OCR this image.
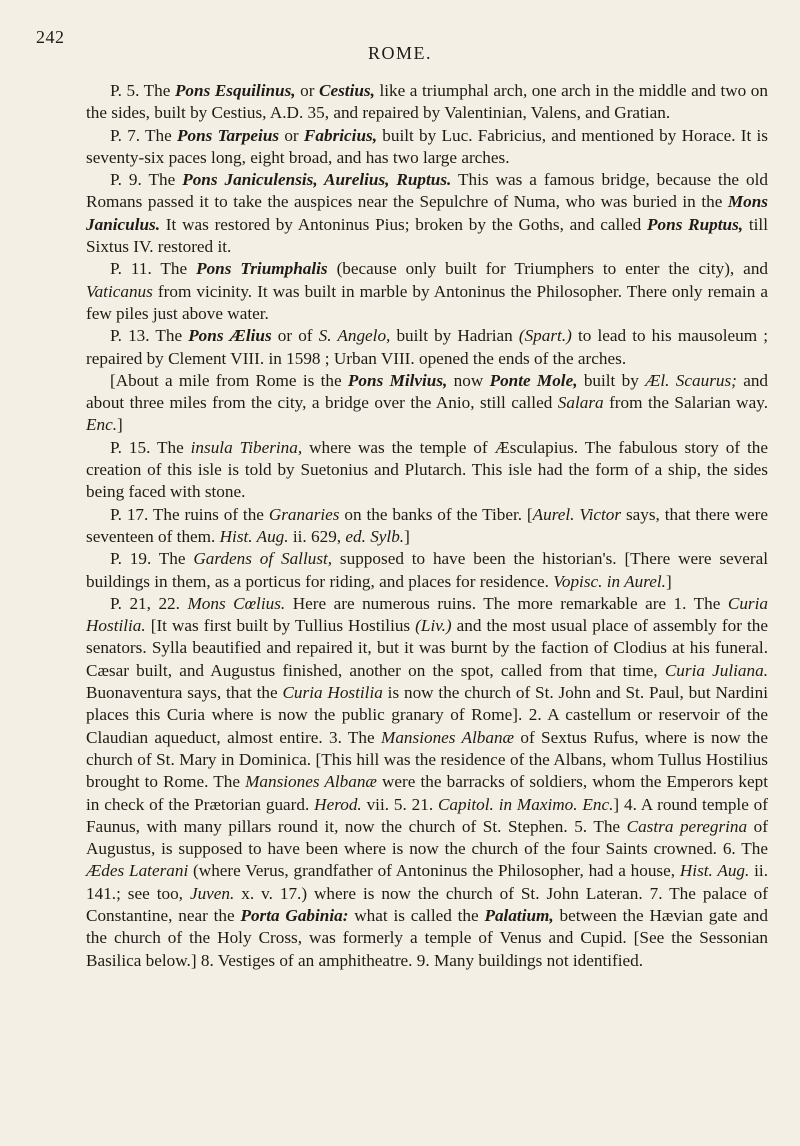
242
ROME.

P. 5. The Pons Esquilinus, or Cestius, like a triumphal arch, one arch in the middle and two on the sides, built by Cestius, A.D. 35, and repaired by Valentinian, Valens, and Gratian.

P. 7. The Pons Tarpeius or Fabricius, built by Luc. Fabricius, and mentioned by Horace. It is seventy-six paces long, eight broad, and has two large arches.

P. 9. The Pons Janiculensis, Aurelius, Ruptus. This was a famous bridge, because the old Romans passed it to take the auspices near the Sepulchre of Numa, who was buried in the Mons Janiculus. It was restored by Antoninus Pius; broken by the Goths, and called Pons Ruptus, till Sixtus IV. restored it.

P. 11. The Pons Triumphalis (because only built for Triumphers to enter the city), and Vaticanus from vicinity. It was built in marble by Antoninus the Philosopher. There only remain a few piles just above water.

P. 13. The Pons Ælius or of S. Angelo, built by Hadrian (Spart.) to lead to his mausoleum ; repaired by Clement VIII. in 1598 ; Urban VIII. opened the ends of the arches.

[About a mile from Rome is the Pons Milvius, now Ponte Mole, built by Æl. Scaurus; and about three miles from the city, a bridge over the Anio, still called Salara from the Salarian way. Enc.]

P. 15. The insula Tiberina, where was the temple of Æsculapius. The fabulous story of the creation of this isle is told by Suetonius and Plutarch. This isle had the form of a ship, the sides being faced with stone.

P. 17. The ruins of the Granaries on the banks of the Tiber. [Aurel. Victor says, that there were seventeen of them. Hist. Aug. ii. 629, ed. Sylb.]

P. 19. The Gardens of Sallust, supposed to have been the historian's. [There were several buildings in them, as a porticus for riding, and places for residence. Vopisc. in Aurel.]

P. 21, 22. Mons Cœlius. Here are numerous ruins. The more remarkable are 1. The Curia Hostilia. [It was first built by Tullius Hostilius (Liv.) and the most usual place of assembly for the senators. Sylla beautified and repaired it, but it was burnt by the faction of Clodius at his funeral. Cæsar built, and Augustus finished, another on the spot, called from that time, Curia Juliana. Buonaventura says, that the Curia Hostilia is now the church of St. John and St. Paul, but Nardini places this Curia where is now the public granary of Rome]. 2. A castellum or reservoir of the Claudian aqueduct, almost entire. 3. The Mansiones Albanæ of Sextus Rufus, where is now the church of St. Mary in Dominica. [This hill was the residence of the Albans, whom Tullus Hostilius brought to Rome. The Mansiones Albanæ were the barracks of soldiers, whom the Emperors kept in check of the Prætorian guard. Herod. vii. 5. 21. Capitol. in Maximo. Enc.] 4. A round temple of Faunus, with many pillars round it, now the church of St. Stephen. 5. The Castra peregrina of Augustus, is supposed to have been where is now the church of the four Saints crowned. 6. The Ædes Laterani (where Verus, grandfather of Antoninus the Philosopher, had a house, Hist. Aug. ii. 141.; see too, Juven. x. v. 17.) where is now the church of St. John Lateran. 7. The palace of Constantine, near the Porta Gabinia: what is called the Palatium, between the Hævian gate and the church of the Holy Cross, was formerly a temple of Venus and Cupid. [See the Sessonian Basilica below.] 8. Vestiges of an amphitheatre. 9. Many buildings not identified.
